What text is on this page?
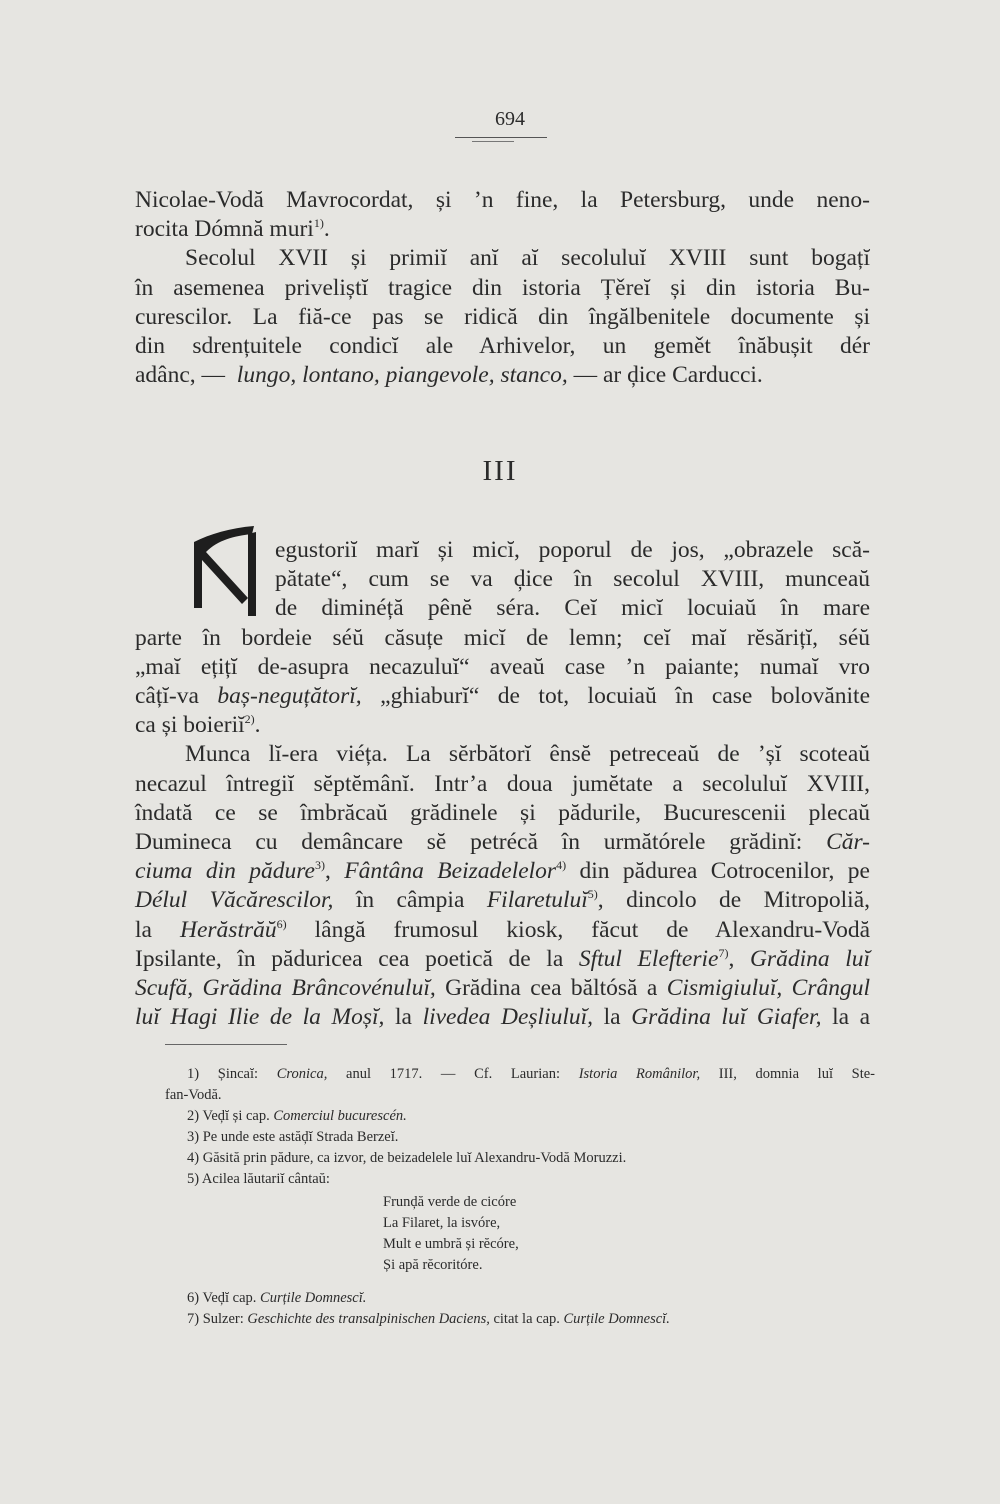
694
Nicolae-Vodă Mavrocordat, și ’n fine, la Petersburg, unde neno-
rocita Dómnă muri$^{1)}$.
Secolul XVII și primiĭ anĭ aĭ secoluluĭ XVIII sunt bogațĭ
în asemenea priveliștĭ tragice din istoria Țěreĭ și din istoria Bu-
curescilor. La fiă-ce pas se ridică din îngălbenitele documente și
din sdrențuitele condicĭ ale Arhivelor, un gemět înăbușit dér
adânc, — lungo, lontano, piangevole, stanco, — ar ḑice Carducci.
III
egustoriĭ marĭ și micĭ, poporul de jos, „obrazele scă-
pătate“, cum se va ḑice în secolul XVIII, munceaŭ
de diminéță pênĕ séra. Ceĭ micĭ locuiaŭ în mare
parte în bordeie séŭ căsuțe micĭ de lemn; ceĭ maĭ rĕsărițĭ, séŭ
„maĭ ețițĭ de-asupra necazuluĭ“ aveaŭ case ’n paiante; numaĭ vro
câțĭ-va baș-neguțătorĭ, „ghiaburĭ“ de tot, locuiaŭ în case bolovănite
ca și boieriĭ$^{2)}$.
Munca lĭ-era viéța. La sĕrbătorĭ ênsĕ petreceaŭ de ’șĭ scoteaŭ
necazul întregiĭ sĕptĕmânĭ. Intr’a doua jumĕtate a secoluluĭ XVIII,
îndată ce se îmbrăcaŭ grădinele și pădurile, Bucurescenii plecaŭ
Dumineca cu demâncare sĕ petrécă în următórele grădinĭ: Căr-
ciuma din pădure$^{3)}$, Fântâna Beizadelelor$^{4)}$ din pădurea Cotrocenilor, pe
Délul Văcărescilor, în câmpia Filaretuluĭ$^{5)}$, dincolo de Mitropoliă,
la Herăstrăŭ$^{6)}$ lângă frumosul kiosk, făcut de Alexandru-Vodă
Ipsilante, în păduricea cea poetică de la Sftul Elefterie$^{7)}$, Grădina luĭ
Scufă, Grădina Brâncovénuluĭ, Grădina cea băltósă a Cismigiuluĭ, Crângul
luĭ Hagi Ilie de la Moșĭ, la livedea Deșliuluĭ, la Grădina luĭ Giafer, la a
1) Șincaĭ: Cronica, anul 1717. — Cf. Laurian: Istoria Românilor, III, domnia luĭ Ste-
fan-Vodă.
2) Veḑĭ și cap. Comerciul bucurescén.
3) Pe unde este astăḑĭ Strada Berzeĭ.
4) Găsită prin pădure, ca izvor, de beizadelele luĭ Alexandru-Vodă Moruzzi.
5) Acilea lăutariĭ cântaŭ:
Frunḑă verde de cicóre
La Filaret, la isvóre,
Mult e umbră și rĕcóre,
Și apă rĕcoritóre.
6) Veḑĭ cap. Curțile Domnescĭ.
7) Sulzer: Geschichte des transalpinischen Daciens, citat la cap. Curțile Domnescĭ.
